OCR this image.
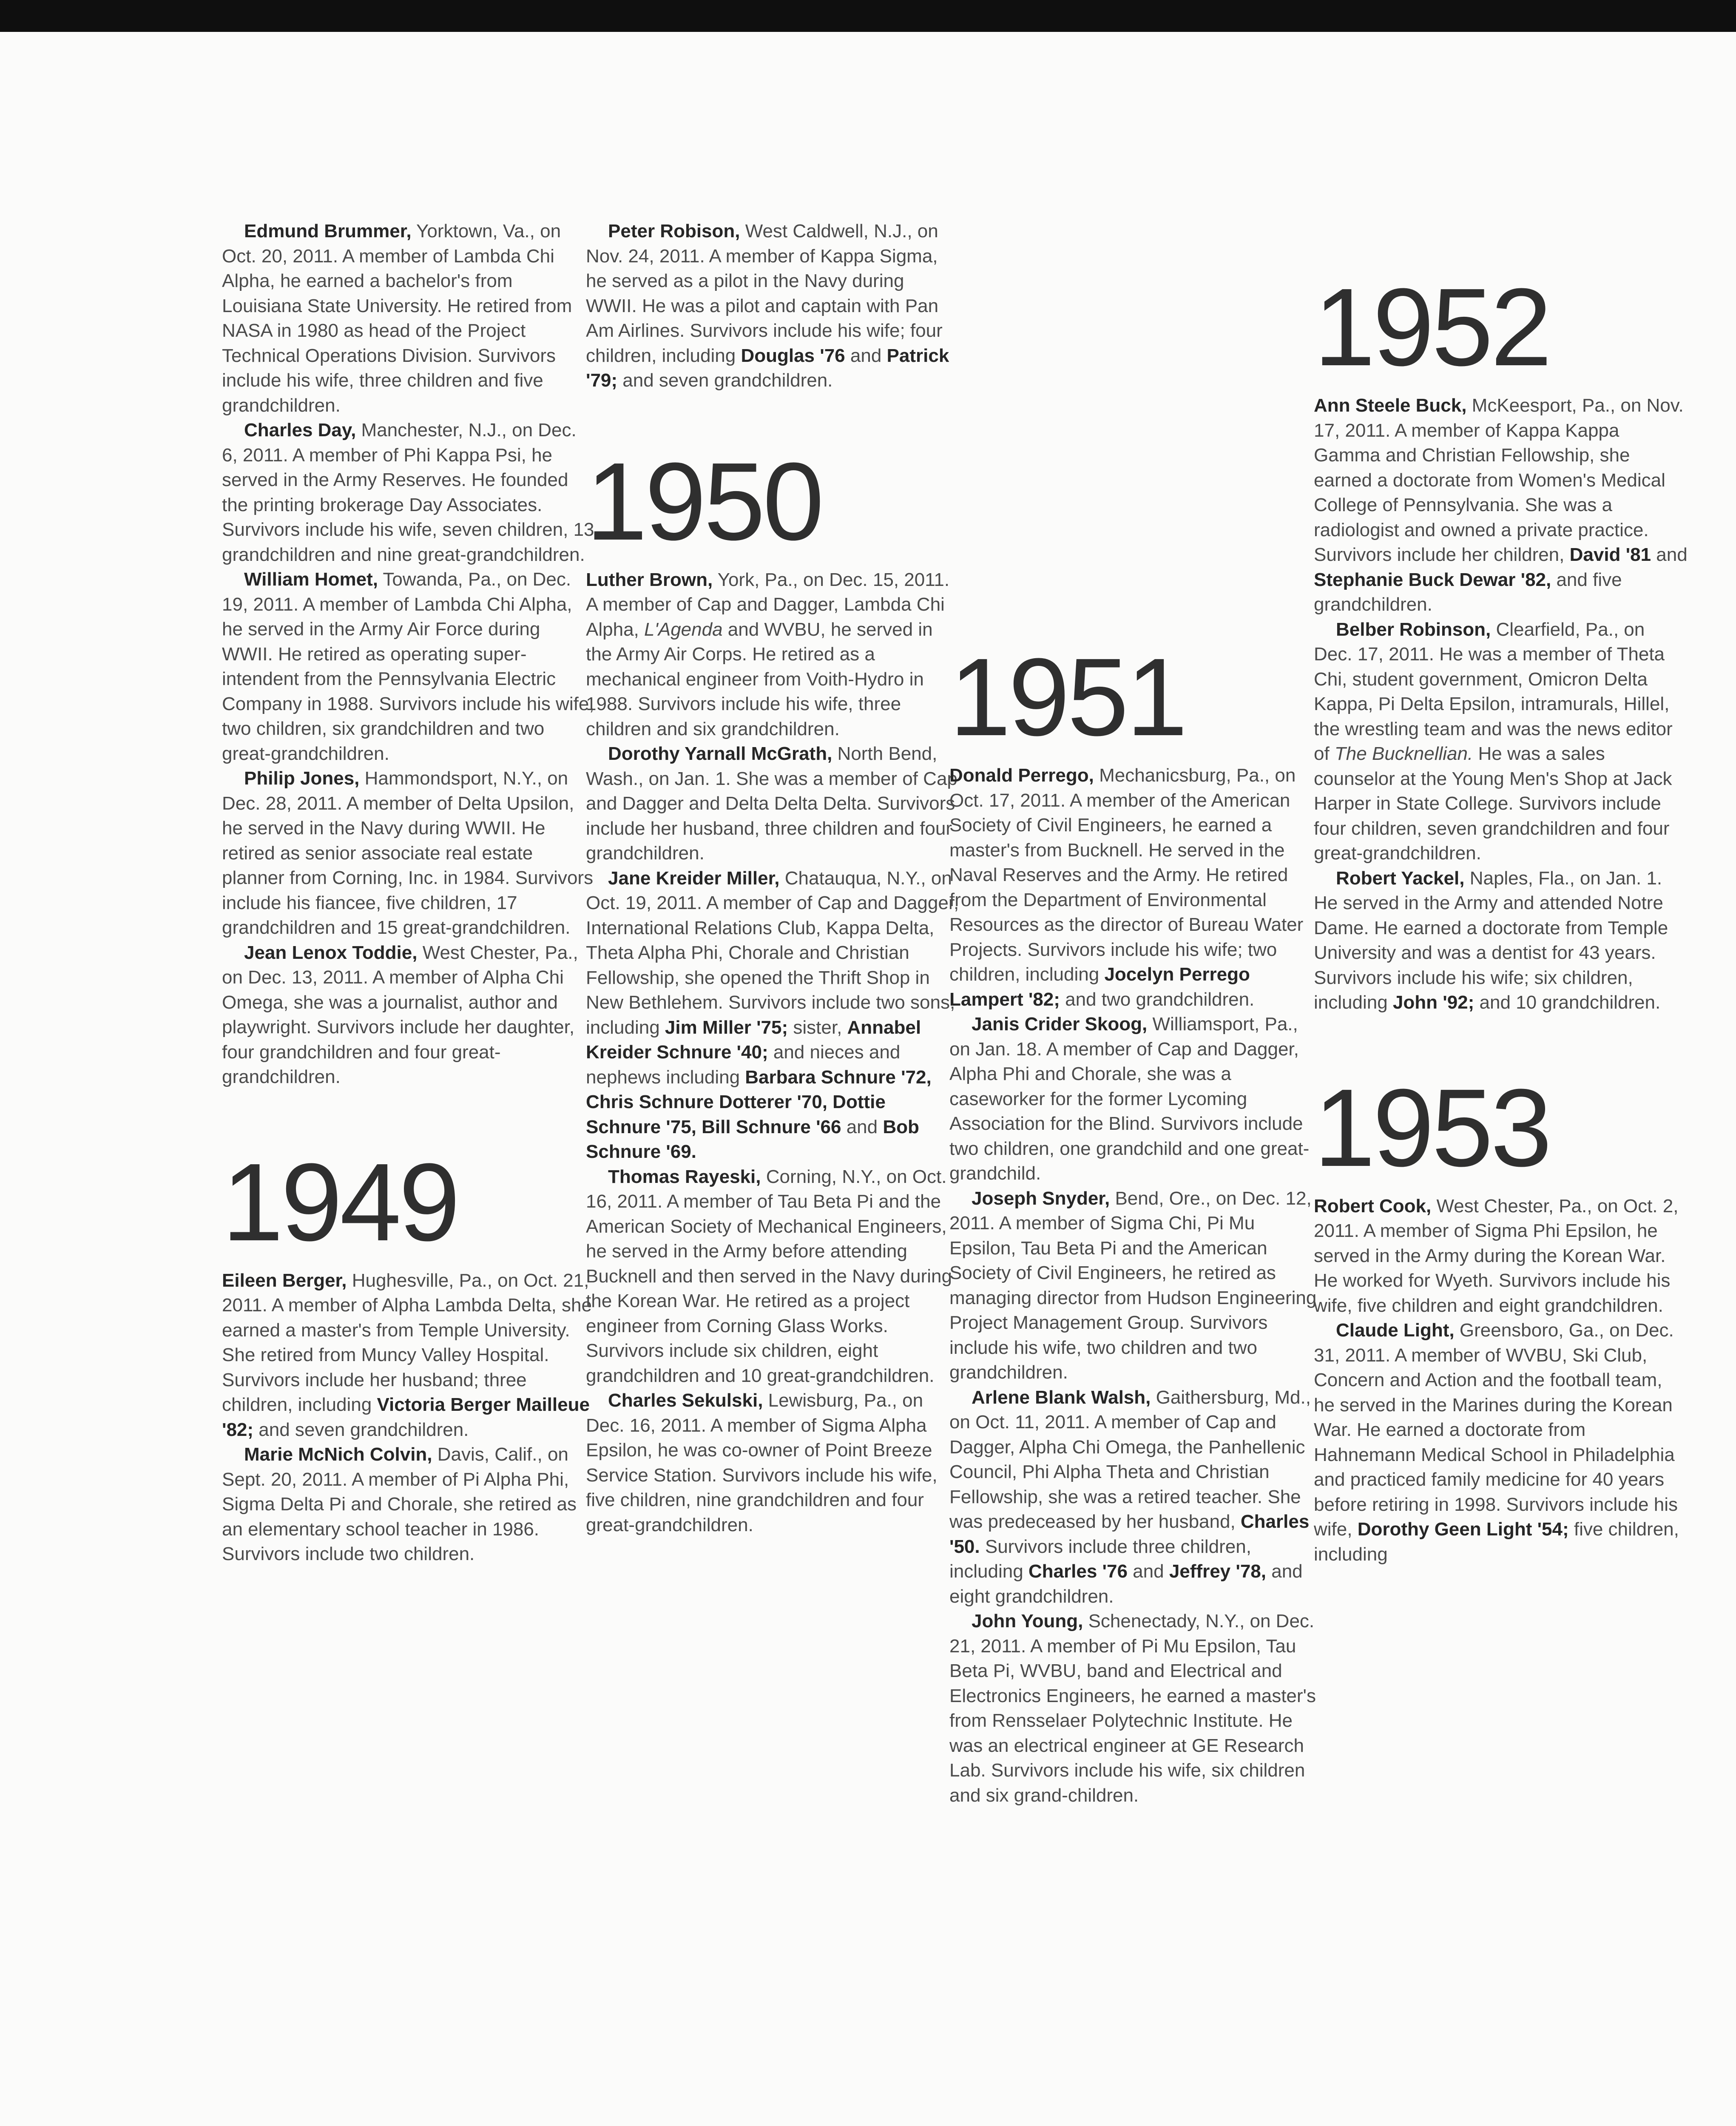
Edmund Brummer, Yorktown, Va., on Oct. 20, 2011. A member of Lambda Chi Alpha, he earned a bachelor's from Louisiana State University. He retired from NASA in 1980 as head of the Project Technical Operations Division. Survivors include his wife, three children and five grandchildren.

Charles Day, Manchester, N.J., on Dec. 6, 2011. A member of Phi Kappa Psi, he served in the Army Reserves. He founded the printing brokerage Day Associates. Survivors include his wife, seven children, 13 grandchildren and nine great-grandchildren.

William Homet, Towanda, Pa., on Dec. 19, 2011. A member of Lambda Chi Alpha, he served in the Army Air Force during WWII. He retired as operating super-intendent from the Pennsylvania Electric Company in 1988. Survivors include his wife, two children, six grandchildren and two great-grandchildren.

Philip Jones, Hammondsport, N.Y., on Dec. 28, 2011. A member of Delta Upsilon, he served in the Navy during WWII. He retired as senior associate real estate planner from Corning, Inc. in 1984. Survivors include his fiancee, five children, 17 grandchildren and 15 great-grandchildren.

Jean Lenox Toddie, West Chester, Pa., on Dec. 13, 2011. A member of Alpha Chi Omega, she was a journalist, author and playwright. Survivors include her daughter, four grandchildren and four great-grandchildren.

1949

Eileen Berger, Hughesville, Pa., on Oct. 21, 2011. A member of Alpha Lambda Delta, she earned a master's from Temple University. She retired from Muncy Valley Hospital. Survivors include her husband; three children, including Victoria Berger Mailleue '82; and seven grandchildren.

Marie McNich Colvin, Davis, Calif., on Sept. 20, 2011. A member of Pi Alpha Phi, Sigma Delta Pi and Chorale, she retired as an elementary school teacher in 1986. Survivors include two children.

Peter Robison, West Caldwell, N.J., on Nov. 24, 2011. A member of Kappa Sigma, he served as a pilot in the Navy during WWII. He was a pilot and captain with Pan Am Airlines. Survivors include his wife; four children, including Douglas '76 and Patrick '79; and seven grandchildren.

1950

Luther Brown, York, Pa., on Dec. 15, 2011. A member of Cap and Dagger, Lambda Chi Alpha, L'Agenda and WVBU, he served in the Army Air Corps. He retired as a mechanical engineer from Voith-Hydro in 1988. Survivors include his wife, three children and six grandchildren.

Dorothy Yarnall McGrath, North Bend, Wash., on Jan. 1. She was a member of Cap and Dagger and Delta Delta Delta. Survivors include her husband, three children and four grandchildren.

Jane Kreider Miller, Chatauqua, N.Y., on Oct. 19, 2011. A member of Cap and Dagger, International Relations Club, Kappa Delta, Theta Alpha Phi, Chorale and Christian Fellowship, she opened the Thrift Shop in New Bethlehem. Survivors include two sons, including Jim Miller '75; sister, Annabel Kreider Schnure '40; and nieces and nephews including Barbara Schnure '72, Chris Schnure Dotterer '70, Dottie Schnure '75, Bill Schnure '66 and Bob Schnure '69.

Thomas Rayeski, Corning, N.Y., on Oct. 16, 2011. A member of Tau Beta Pi and the American Society of Mechanical Engineers, he served in the Army before attending Bucknell and then served in the Navy during the Korean War. He retired as a project engineer from Corning Glass Works. Survivors include six children, eight grandchildren and 10 great-grandchildren.

Charles Sekulski, Lewisburg, Pa., on Dec. 16, 2011. A member of Sigma Alpha Epsilon, he was co-owner of Point Breeze Service Station. Survivors include his wife, five children, nine grandchildren and four great-grandchildren.

1951

Donald Perrego, Mechanicsburg, Pa., on Oct. 17, 2011. A member of the American Society of Civil Engineers, he earned a master's from Bucknell. He served in the Naval Reserves and the Army. He retired from the Department of Environmental Resources as the director of Bureau Water Projects. Survivors include his wife; two children, including Jocelyn Perrego Lampert '82; and two grandchildren.

Janis Crider Skoog, Williamsport, Pa., on Jan. 18. A member of Cap and Dagger, Alpha Phi and Chorale, she was a caseworker for the former Lycoming Association for the Blind. Survivors include two children, one grandchild and one great-grandchild.

Joseph Snyder, Bend, Ore., on Dec. 12, 2011. A member of Sigma Chi, Pi Mu Epsilon, Tau Beta Pi and the American Society of Civil Engineers, he retired as managing director from Hudson Engineering Project Management Group. Survivors include his wife, two children and two grandchildren.

Arlene Blank Walsh, Gaithersburg, Md., on Oct. 11, 2011. A member of Cap and Dagger, Alpha Chi Omega, the Panhellenic Council, Phi Alpha Theta and Christian Fellowship, she was a retired teacher. She was predeceased by her husband, Charles '50. Survivors include three children, including Charles '76 and Jeffrey '78, and eight grandchildren.

John Young, Schenectady, N.Y., on Dec. 21, 2011. A member of Pi Mu Epsilon, Tau Beta Pi, WVBU, band and Electrical and Electronics Engineers, he earned a master's from Rensselaer Polytechnic Institute. He was an electrical engineer at GE Research Lab. Survivors include his wife, six children and six grand-children.

1952

Ann Steele Buck, McKeesport, Pa., on Nov. 17, 2011. A member of Kappa Kappa Gamma and Christian Fellowship, she earned a doctorate from Women's Medical College of Pennsylvania. She was a radiologist and owned a private practice. Survivors include her children, David '81 and Stephanie Buck Dewar '82, and five grandchildren.

Belber Robinson, Clearfield, Pa., on Dec. 17, 2011. He was a member of Theta Chi, student government, Omicron Delta Kappa, Pi Delta Epsilon, intramurals, Hillel, the wrestling team and was the news editor of The Bucknellian. He was a sales counselor at the Young Men's Shop at Jack Harper in State College. Survivors include four children, seven grandchildren and four great-grandchildren.

Robert Yackel, Naples, Fla., on Jan. 1. He served in the Army and attended Notre Dame. He earned a doctorate from Temple University and was a dentist for 43 years. Survivors include his wife; six children, including John '92; and 10 grandchildren.

1953

Robert Cook, West Chester, Pa., on Oct. 2, 2011. A member of Sigma Phi Epsilon, he served in the Army during the Korean War. He worked for Wyeth. Survivors include his wife, five children and eight grandchildren.

Claude Light, Greensboro, Ga., on Dec. 31, 2011. A member of WVBU, Ski Club, Concern and Action and the football team, he served in the Marines during the Korean War. He earned a doctorate from Hahnemann Medical School in Philadelphia and practiced family medicine for 40 years before retiring in 1998. Survivors include his wife, Dorothy Geen Light '54; five children, including
